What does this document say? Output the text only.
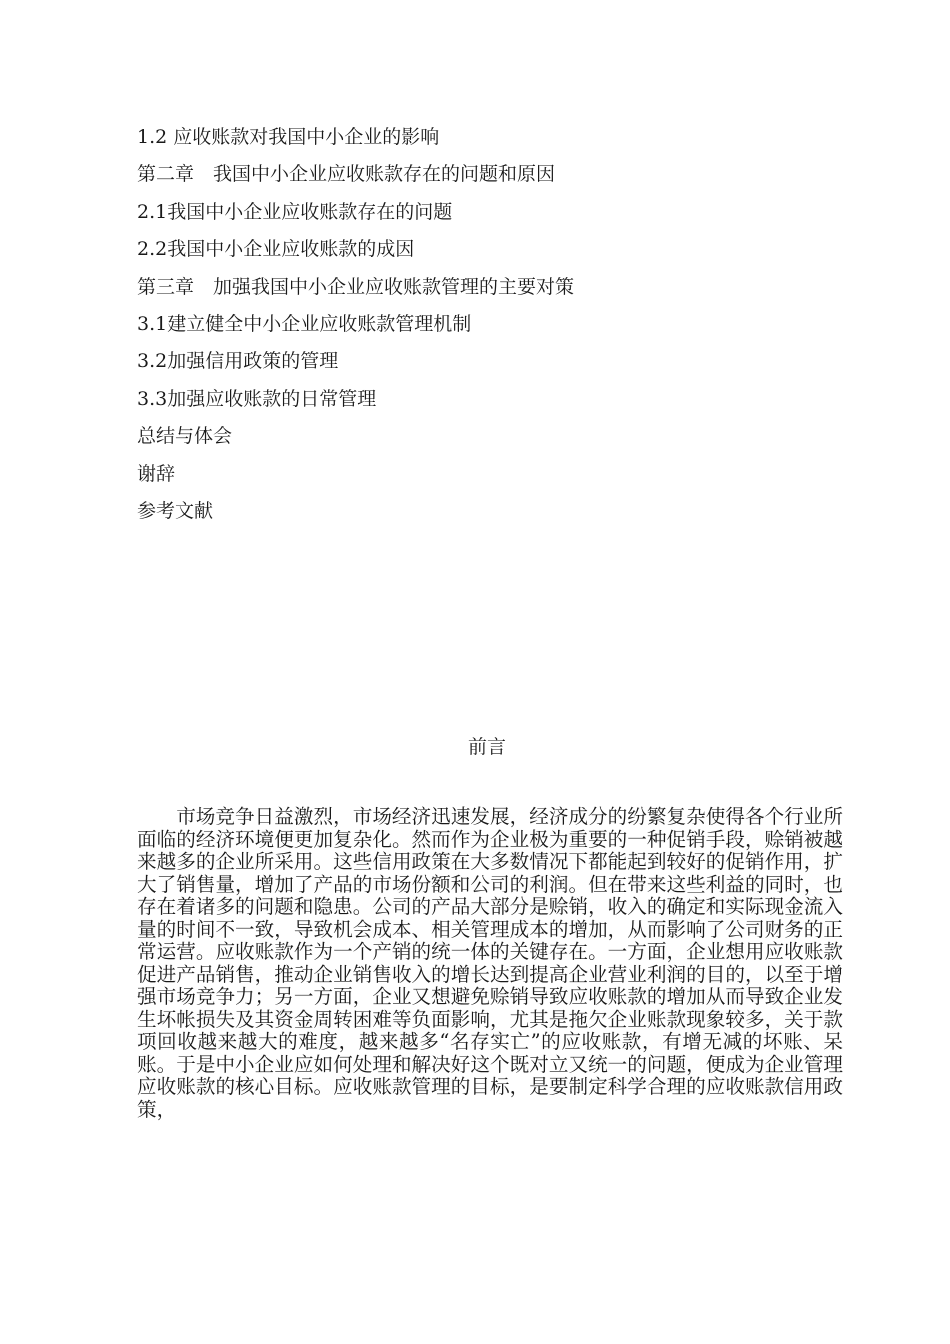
1.2 应收账款对我国中小企业的影响
第二章　我国中小企业应收账款存在的问题和原因
2.1我国中小企业应收账款存在的问题
2.2我国中小企业应收账款的成因
第三章　加强我国中小企业应收账款管理的主要对策
3.1建立健全中小企业应收账款管理机制
3.2加强信用政策的管理
3.3加强应收账款的日常管理
总结与体会
谢辞
参考文献
前言

市场竞争日益激烈，市场经济迅速发展，经济成分的纷繁复杂使得各个行业所面临的经济环境便更加复杂化。然而作为企业极为重要的一种促销手段，赊销被越来越多的企业所采用。这些信用政策在大多数情况下都能起到较好的促销作用，扩大了销售量，增加了产品的市场份额和公司的利润。但在带来这些利益的同时，也存在着诸多的问题和隐患。公司的产品大部分是赊销，收入的确定和实际现金流入量的时间不一致，导致机会成本、相关管理成本的增加，从而影响了公司财务的正常运营。应收账款作为一个产销的统一体的关键存在。一方面，企业想用应收账款促进产品销售，推动企业销售收入的增长达到提高企业营业利润的目的，以至于增强市场竞争力；另一方面，企业又想避免赊销导致应收账款的增加从而导致企业发生坏帐损失及其资金周转困难等负面影响，尤其是拖欠企业账款现象较多，关于款项回收越来越大的难度，越来越多“名存实亡”的应收账款，有增无减的坏账、呆账。于是中小企业应如何处理和解决好这个既对立又统一的问题，便成为企业管理应收账款的核心目标。应收账款管理的目标，是要制定科学合理的应收账款信用政策，
